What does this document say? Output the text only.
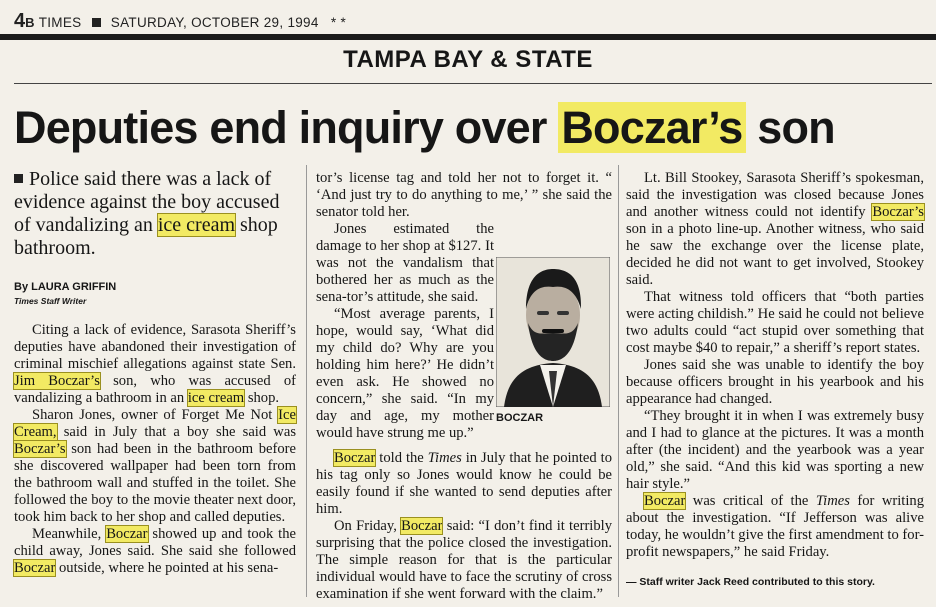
4B TIMES SATURDAY, OCTOBER 29, 1994 * *
TAMPA BAY & STATE
Deputies end inquiry over Boczar’s son
Police said there was a lack of evidence against the boy accused of vandalizing an ice cream shop bathroom.
By LAURA GRIFFIN
Times Staff Writer

Citing a lack of evidence, Sarasota Sheriff’s deputies have abandoned their investigation of criminal mischief allegations against state Sen. Jim Boczar’s son, who was accused of vandalizing a bathroom in an ice cream shop.

Sharon Jones, owner of Forget Me Not Ice Cream, said in July that a boy she said was Boczar’s son had been in the bathroom before she discovered wallpaper had been torn from the bathroom wall and stuffed in the toilet. She followed the boy to the movie theater next door, took him back to her shop and called deputies.

Meanwhile, Boczar showed up and took the child away, Jones said. She said she followed Boczar outside, where he pointed at his sena-

tor’s license tag and told her not to forget it. “ ‘And just try to do anything to me,’ ” she said the senator told her.

Jones estimated the damage to her shop at $127. It was not the vandalism that bothered her as much as the sena-tor’s attitude, she said.

“Most average parents, I hope, would say, ‘What did my child do? Why are you holding him here?’ He didn’t even ask. He showed no concern,” she said. “In my day and age, my mother would have strung me up.”

Boczar told the Times in July that he pointed to his tag only so Jones would know he could be easily found if she wanted to send deputies after him.

On Friday, Boczar said: “I don’t find it terribly surprising that the police closed the investigation. The simple reason for that is the particular individual would have to face the scrutiny of cross examination if she went forward with the claim.”

BOCZAR

Lt. Bill Stookey, Sarasota Sheriff’s spokesman, said the investigation was closed because Jones and another witness could not identify Boczar’s son in a photo line-up. Another witness, who said he saw the exchange over the license plate, decided he did not want to get involved, Stookey said.

That witness told officers that “both parties were acting childish.” He said he could not believe two adults could “act stupid over something that cost maybe $40 to repair,” a sheriff’s report states.

Jones said she was unable to identify the boy because officers brought in his yearbook and his appearance had changed.

“They brought it in when I was extremely busy and I had to glance at the pictures. It was a month after (the incident) and the yearbook was a year old,” she said. “And this kid was sporting a new hair style.”

Boczar was critical of the Times for writing about the investigation. “If Jefferson was alive today, he wouldn’t give the first amendment to for-profit newspapers,” he said Friday.

— Staff writer Jack Reed contributed to this story.
